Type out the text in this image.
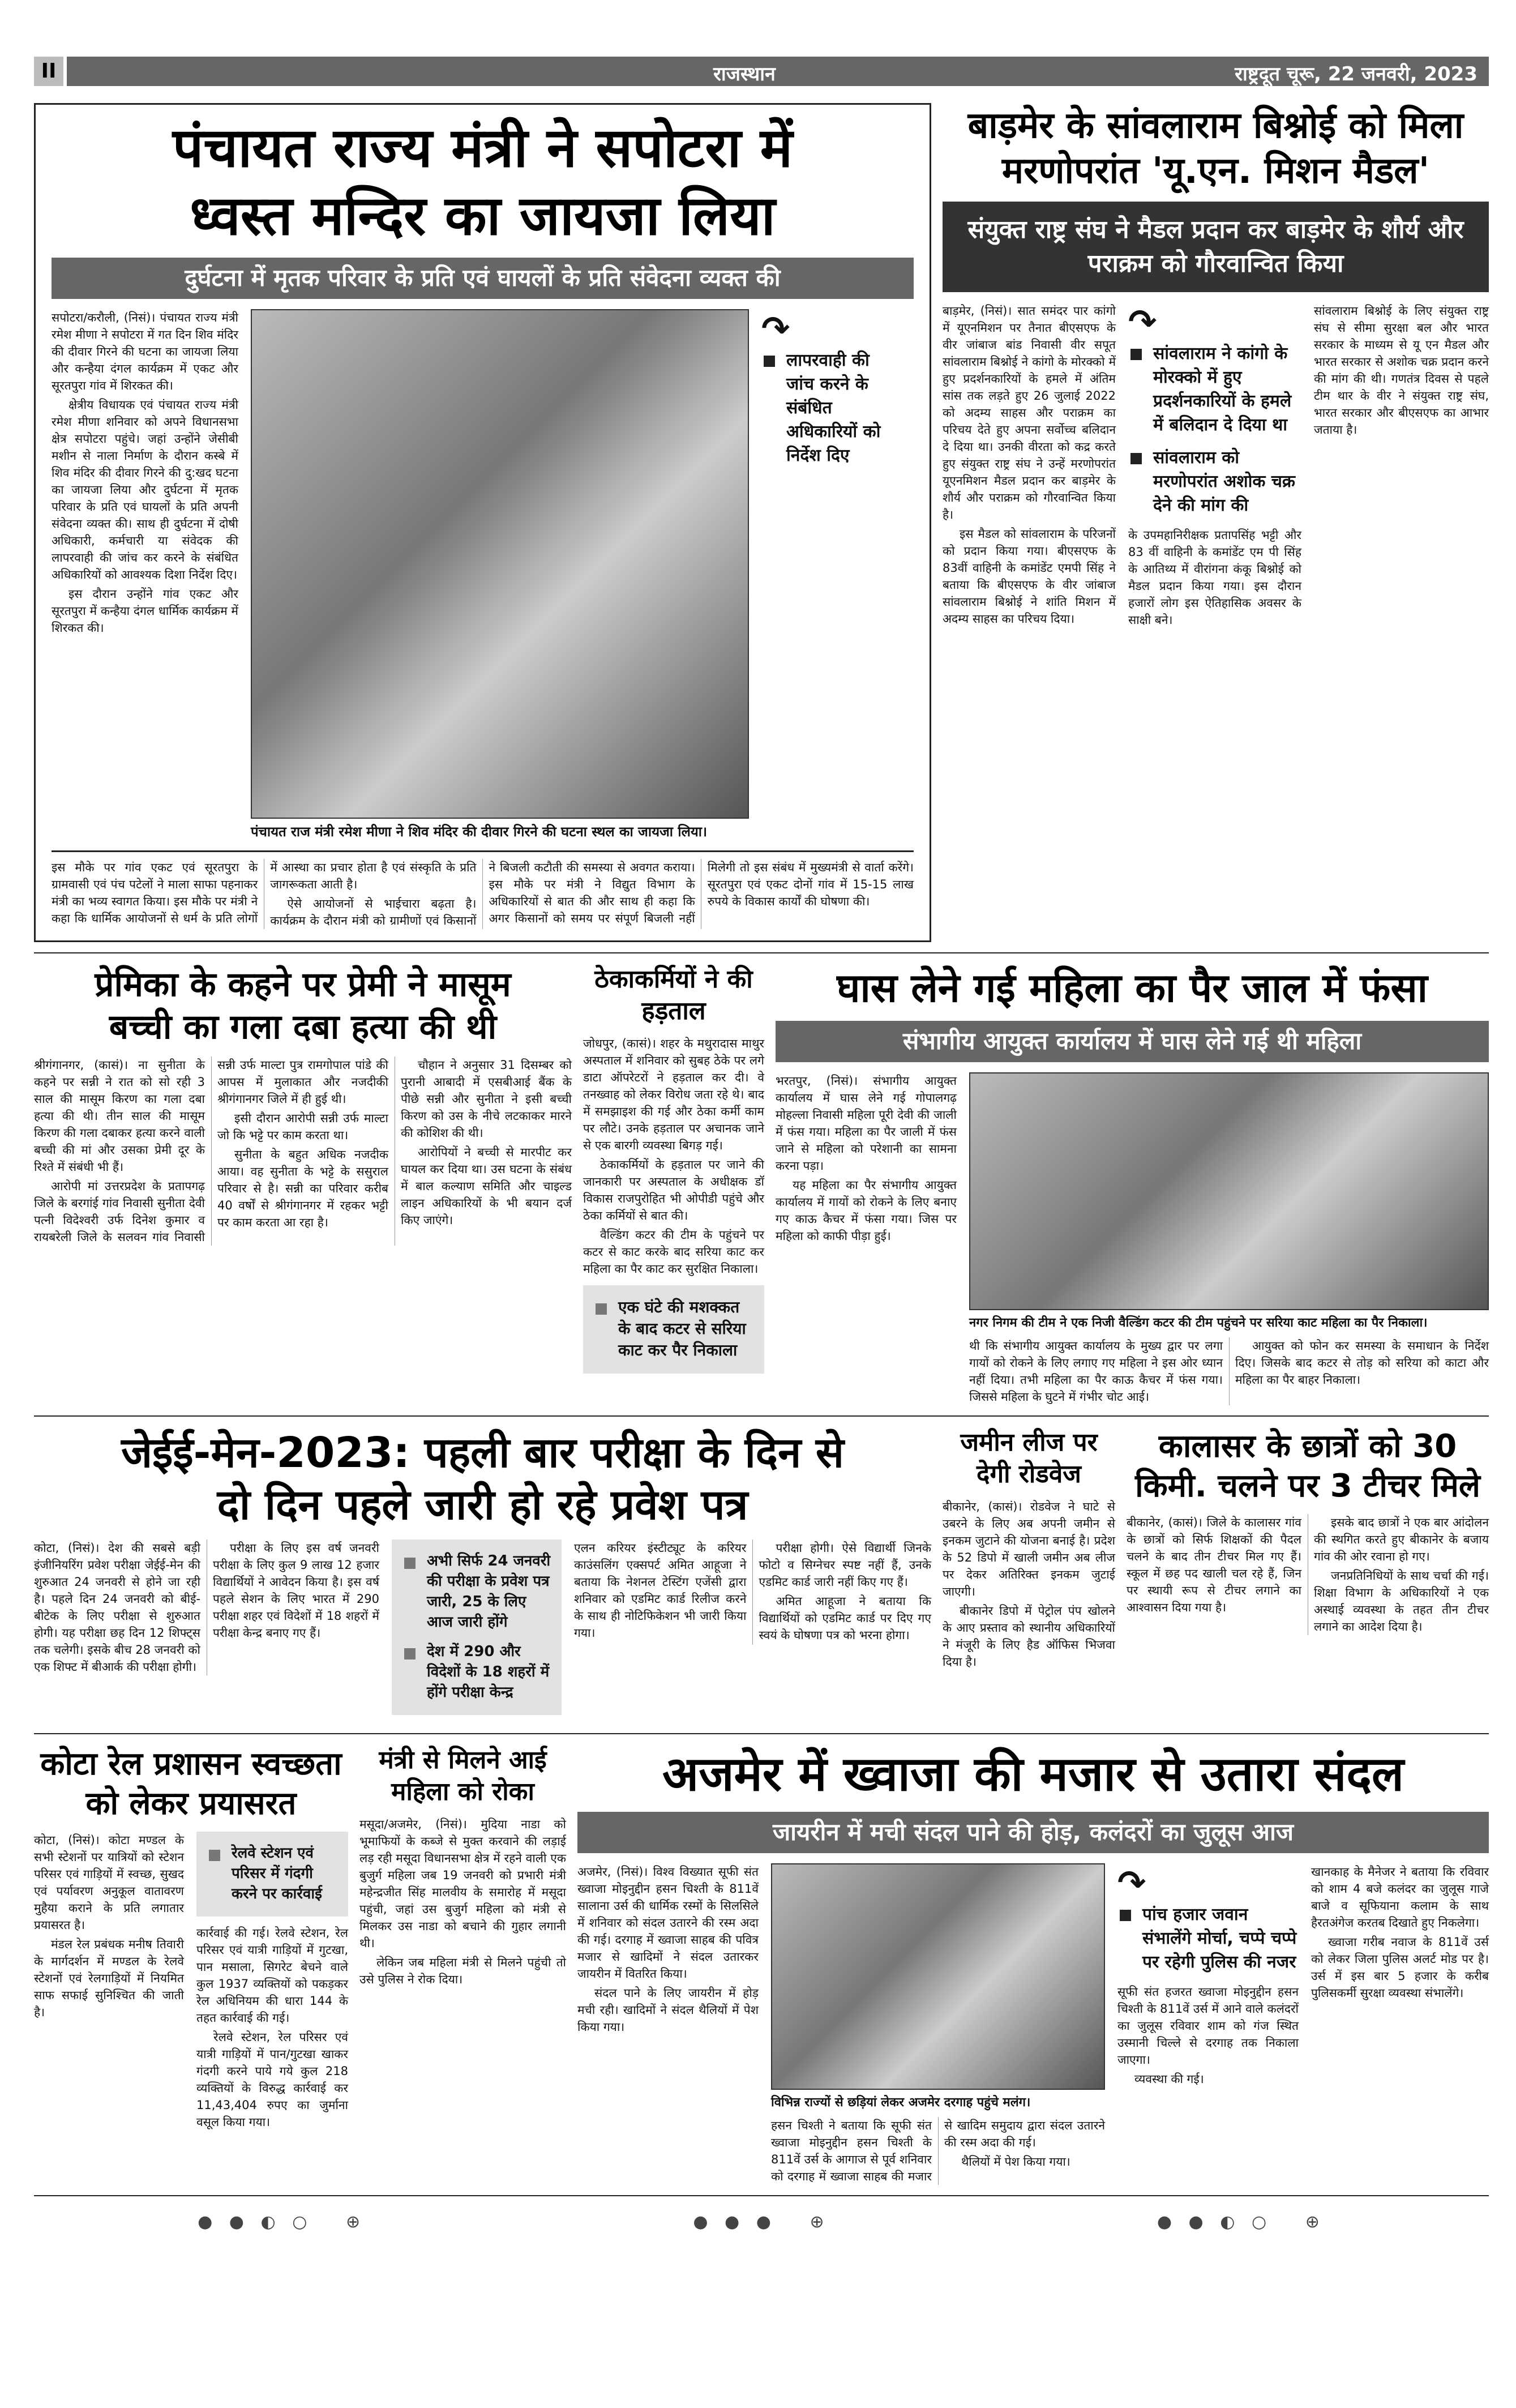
II	राजस्थान	राष्ट्रदूत चूरू, 22 जनवरी, 2023
पंचायत राज्य मंत्री ने सपोटरा में
ध्वस्त मन्दिर का जायजा लिया
दुर्घटना में मृतक परिवार के प्रति एवं घायलों के प्रति संवेदना व्यक्त की

सपोटरा/करौली, (निसं)। पंचायत राज्य मंत्री रमेश मीणा ने सपोटरा में गत दिन शिव मंदिर की दीवार गिरने की घटना का जायजा लिया और कन्हैया दंगल कार्यक्रम में एकट और सूरतपुरा गांव में शिरकत की।

क्षेत्रीय विधायक एवं पंचायत राज्य मंत्री रमेश मीणा शनिवार को अपने विधानसभा क्षेत्र सपोटरा पहुंचे। जहां उन्होंने जेसीबी मशीन से नाला निर्माण के दौरान कस्बे में शिव मंदिर की दीवार गिरने की दु:खद घटना का जायजा लिया और दुर्घटना में मृतक परिवार के प्रति एवं घायलों के प्रति अपनी संवेदना व्यक्त की। साथ ही दुर्घटना में दोषी अधिकारी, कर्मचारी या संवेदक की लापरवाही की जांच कर करने के संबंधित अधिकारियों को आवश्यक दिशा निर्देश दिए।

इस दौरान उन्होंने गांव एकट और सूरतपुरा में कन्हैया दंगल धार्मिक कार्यक्रम में शिरकत की।

पंचायत राज मंत्री रमेश मीणा ने शिव मंदिर की दीवार गिरने की घटना स्थल का जायजा लिया।
↷
लापरवाही की जांच करने के संबंधित अधिकारियों को निर्देश दिए

इस मौके पर गांव एकट एवं सूरतपुरा के ग्रामवासी एवं पंच पटेलों ने माला साफा पहनाकर मंत्री का भव्य स्वागत किया। इस मौके पर मंत्री ने कहा कि धार्मिक आयोजनों से धर्म के प्रति लोगों में आस्था का प्रचार होता है एवं संस्कृति के प्रति जागरूकता आती है।

ऐसे आयोजनों से भाईचारा बढ़ता है। कार्यक्रम के दौरान मंत्री को ग्रामीणों एवं किसानों ने बिजली कटौती की समस्या से अवगत कराया। इस मौके पर मंत्री ने विद्युत विभाग के अधिकारियों से बात की और साथ ही कहा कि अगर किसानों को समय पर संपूर्ण बिजली नहीं मिलेगी तो इस संबंध में मुख्यमंत्री से वार्ता करेंगे। सूरतपुरा एवं एकट दोनों गांव में 15-15 लाख रुपये के विकास कार्यों की घोषणा की।

बाड़मेर के सांवलाराम बिश्नोई को मिला
मरणोपरांत 'यू.एन. मिशन मैडल'
संयुक्त राष्ट्र संघ ने मैडल प्रदान कर बाड़मेर के शौर्य और पराक्रम को गौरवान्वित किया

बाड़मेर, (निसं)। सात समंदर पार कांगो में यूएनमिशन पर तैनात बीएसएफ के वीर जांबाज बांड निवासी वीर सपूत सांवलाराम बिश्नोई ने कांगो के मोरक्को में हुए प्रदर्शनकारियों के हमले में अंतिम सांस तक लड़ते हुए 26 जुलाई 2022 को अदम्य साहस और पराक्रम का परिचय देते हुए अपना सर्वोच्च बलिदान दे दिया था। उनकी वीरता को कद्र करते हुए संयुक्त राष्ट्र संघ ने उन्हें मरणोपरांत यूएनमिशन मैडल प्रदान कर बाड़मेर के शौर्य और पराक्रम को गौरवान्वित किया है।

इस मैडल को सांवलाराम के परिजनों को प्रदान किया गया। बीएसएफ के 83वीं वाहिनी के कमांडेंट एमपी सिंह ने बताया कि बीएसएफ के वीर जांबाज सांवलाराम बिश्नोई ने शांति मिशन में अदम्य साहस का परिचय दिया।

↷
सांवलाराम ने कांगो के मोरक्को में हुए प्रदर्शनकारियों के हमले में बलिदान दे दिया था
सांवलाराम को मरणोपरांत अशोक चक्र देने की मांग की

के उपमहानिरीक्षक प्रतापसिंह भट्टी और 83 वीं वाहिनी के कमांडेंट एम पी सिंह के आतिथ्य में वीरांगना कंकू बिश्नोई को मैडल प्रदान किया गया। इस दौरान हजारों लोग इस ऐतिहासिक अवसर के साक्षी बने।

सांवलाराम बिश्नोई के लिए संयुक्त राष्ट्र संघ से सीमा सुरक्षा बल और भारत सरकार के माध्यम से यू एन मैडल और भारत सरकार से अशोक चक्र प्रदान करने की मांग की थी। गणतंत्र दिवस से पहले टीम थार के वीर ने संयुक्त राष्ट्र संघ, भारत सरकार और बीएसएफ का आभार जताया है।

प्रेमिका के कहने पर प्रेमी ने मासूम
बच्ची का गला दबा हत्या की थी

श्रीगंगानगर, (कासं)। ना सुनीता के कहने पर सन्नी ने रात को सो रही 3 साल की मासूम किरण का गला दबा हत्या की थी। तीन साल की मासूम किरण की गला दबाकर हत्या करने वाली बच्ची की मां और उसका प्रेमी दूर के रिश्ते में संबंधी भी हैं।

आरोपी मां उत्तरप्रदेश के प्रतापगढ़ जिले के बरगांई गांव निवासी सुनीता देवी पत्नी विदेश्वरी उर्फ दिनेश कुमार व रायबरेली जिले के सलवन गांव निवासी सन्नी उर्फ माल्टा पुत्र रामगोपाल पांडे की आपस में मुलाकात और नजदीकी श्रीगंगानगर जिले में ही हुई थी।

इसी दौरान आरोपी सन्नी उर्फ माल्टा जो कि भट्टे पर काम करता था।

सुनीता के बहुत अधिक नजदीक आया। वह सुनीता के भट्टे के ससुराल परिवार से है। सन्नी का परिवार करीब 40 वर्षों से श्रीगंगानगर में रहकर भट्टी पर काम करता आ रहा है।

चौहान ने अनुसार 31 दिसम्बर को पुरानी आबादी में एसबीआई बैंक के पीछे सन्नी और सुनीता ने इसी बच्ची किरण को उस के नीचे लटकाकर मारने की कोशिश की थी।

आरोपियों ने बच्ची से मारपीट कर घायल कर दिया था। उस घटना के संबंध में बाल कल्याण समिति और चाइल्ड लाइन अधिकारियों के भी बयान दर्ज किए जाएंगे।

ठेकाकर्मियों ने की हड़ताल

जोधपुर, (कासं)। शहर के मथुरादास माथुर अस्पताल में शनिवार को सुबह ठेके पर लगे डाटा ऑपरेटरों ने हड़ताल कर दी। वे तनख्वाह को लेकर विरोध जता रहे थे। बाद में समझाइश की गई और ठेका कर्मी काम पर लौटे। उनके हड़ताल पर अचानक जाने से एक बारगी व्यवस्था बिगड़ गई।

ठेकाकर्मियों के हड़ताल पर जाने की जानकारी पर अस्पताल के अधीक्षक डॉ विकास राजपुरोहित भी ओपीडी पहुंचे और ठेका कर्मियों से बात की।

वैल्डिंग कटर की टीम के पहुंचने पर कटर से काट करके बाद सरिया काट कर महिला का पैर काट कर सुरक्षित निकाला।

एक घंटे की मशक्कत के बाद कटर से सरिया काट कर पैर निकाला
घास लेने गई महिला का पैर जाल में फंसा
संभागीय आयुक्त कार्यालय में घास लेने गई थी महिला

भरतपुर, (निसं)। संभागीय आयुक्त कार्यालय में घास लेने गई गोपालगढ़ मोहल्ला निवासी महिला पूरी देवी की जाली में फंस गया। महिला का पैर जाली में फंस जाने से महिला को परेशानी का सामना करना पड़ा।

यह महिला का पैर संभागीय आयुक्त कार्यालय में गायों को रोकने के लिए बनाए गए काऊ कैचर में फंसा गया। जिस पर महिला को काफी पीड़ा हुई।

नगर निगम की टीम ने एक निजी वैल्डिंग कटर की टीम पहुंचने पर सरिया काट महिला का पैर निकाला।

थी कि संभागीय आयुक्त कार्यालय के मुख्य द्वार पर लगा गायों को रोकने के लिए लगाए गए महिला ने इस ओर ध्यान नहीं दिया। तभी महिला का पैर काऊ कैचर में फंस गया। जिससे महिला के घुटने में गंभीर चोट आई।

आयुक्त को फोन कर समस्या के समाधान के निर्देश दिए। जिसके बाद कटर से तोड़ को सरिया को काटा और महिला का पैर बाहर निकाला।

जेईई-मेन-2023: पहली बार परीक्षा के दिन से
दो दिन पहले जारी हो रहे प्रवेश पत्र

कोटा, (निसं)। देश की सबसे बड़ी इंजीनियरिंग प्रवेश परीक्षा जेईई-मेन की शुरुआत 24 जनवरी से होने जा रही है। पहले दिन 24 जनवरी को बीई-बीटेक के लिए परीक्षा से शुरुआत होगी। यह परीक्षा छह दिन 12 शिफ्ट्स तक चलेगी। इसके बीच 28 जनवरी को एक शिफ्ट में बीआर्क की परीक्षा होगी।

परीक्षा के लिए इस वर्ष जनवरी परीक्षा के लिए कुल 9 लाख 12 हजार विद्यार्थियों ने आवेदन किया है। इस वर्ष पहले सेशन के लिए भारत में 290 परीक्षा शहर एवं विदेशों में 18 शहरों में परीक्षा केन्द्र बनाए गए हैं।

अभी सिर्फ 24 जनवरी की परीक्षा के प्रवेश पत्र जारी, 25 के लिए आज जारी होंगे
देश में 290 और विदेशों के 18 शहरों में होंगे परीक्षा केन्द्र

एलन करियर इंस्टीट्यूट के करियर काउंसलिंग एक्सपर्ट अमित आहूजा ने बताया कि नेशनल टेस्टिंग एजेंसी द्वारा शनिवार को एडमिट कार्ड रिलीज करने के साथ ही नोटिफिकेशन भी जारी किया गया।

परीक्षा होगी। ऐसे विद्यार्थी जिनके फोटो व सिग्नेचर स्पष्ट नहीं हैं, उनके एडमिट कार्ड जारी नहीं किए गए हैं।

अमित आहूजा ने बताया कि विद्यार्थियों को एडमिट कार्ड पर दिए गए स्वयं के घोषणा पत्र को भरना होगा।

जमीन लीज पर देगी रोडवेज

बीकानेर, (कासं)। रोडवेज ने घाटे से उबरने के लिए अब अपनी जमीन से इनकम जुटाने की योजना बनाई है। प्रदेश के 52 डिपो में खाली जमीन अब लीज पर देकर अतिरिक्त इनकम जुटाई जाएगी।

बीकानेर डिपो में पेट्रोल पंप खोलने के आए प्रस्ताव को स्थानीय अधिकारियों ने मंजूरी के लिए हैड ऑफिस भिजवा दिया है।

कालासर के छात्रों को 30
किमी. चलने पर 3 टीचर मिले

बीकानेर, (कासं)। जिले के कालासर गांव के छात्रों को सिर्फ शिक्षकों की पैदल चलने के बाद तीन टीचर मिल गए हैं। स्कूल में छह पद खाली चल रहे हैं, जिन पर स्थायी रूप से टीचर लगाने का आश्वासन दिया गया है।

इसके बाद छात्रों ने एक बार आंदोलन की स्थगित करते हुए बीकानेर के बजाय गांव की ओर रवाना हो गए।

जनप्रतिनिधियों के साथ चर्चा की गई। शिक्षा विभाग के अधिकारियों ने एक अस्थाई व्यवस्था के तहत तीन टीचर लगाने का आदेश दिया है।

कोटा रेल प्रशासन स्वच्छता
को लेकर प्रयासरत

कोटा, (निसं)। कोटा मण्डल के सभी स्टेशनों पर यात्रियों को स्टेशन परिसर एवं गाड़ियों में स्वच्छ, सुखद एवं पर्यावरण अनुकूल वातावरण मुहैया कराने के प्रति लगातार प्रयासरत है।

मंडल रेल प्रबंधक मनीष तिवारी के मार्गदर्शन में मण्डल के रेलवे स्टेशनों एवं रेलगाड़ियों में नियमित साफ सफाई सुनिश्चित की जाती है।

रेलवे स्टेशन एवं परिसर में गंदगी करने पर कार्रवाई

कार्रवाई की गई। रेलवे स्टेशन, रेल परिसर एवं यात्री गाड़ियों में गुटखा, पान मसाला, सिगरेट बेचने वाले कुल 1937 व्यक्तियों को पकड़कर रेल अधिनियम की धारा 144 के तहत कार्रवाई की गई।

रेलवे स्टेशन, रेल परिसर एवं यात्री गाड़ियों में पान/गुटखा खाकर गंदगी करने पाये गये कुल 218 व्यक्तियों के विरुद्ध कार्रवाई कर 11,43,404 रुपए का जुर्माना वसूल किया गया।

मंत्री से मिलने आई
महिला को रोका

मसूदा/अजमेर, (निसं)। मुदिया नाडा को भूमाफियों के कब्जे से मुक्त करवाने की लड़ाई लड़ रही मसूदा विधानसभा क्षेत्र में रहने वाली एक बुजुर्ग महिला जब 19 जनवरी को प्रभारी मंत्री महेन्द्रजीत सिंह मालवीय के समारोह में मसूदा पहुंची, जहां उस बुजुर्ग महिला को मंत्री से मिलकर उस नाडा को बचाने की गुहार लगानी थी।

लेकिन जब महिला मंत्री से मिलने पहुंची तो उसे पुलिस ने रोक दिया।

अजमेर में ख्वाजा की मजार से उतारा संदल
जायरीन में मची संदल पाने की होड़, कलंदरों का जुलूस आज

अजमेर, (निसं)। विश्व विख्यात सूफी संत ख्वाजा मोइनुद्दीन हसन चिश्ती के 811वें सालाना उर्स की धार्मिक रस्मों के सिलसिले में शनिवार को संदल उतारने की रस्म अदा की गई। दरगाह में ख्वाजा साहब की पवित्र मजार से खादिमों ने संदल उतारकर जायरीन में वितरित किया।

संदल पाने के लिए जायरीन में होड़ मची रही। खादिमों ने संदल थैलियों में पेश किया गया।

विभिन्न राज्यों से छड़ियां लेकर अजमेर दरगाह पहुंचे मलंग।

हसन चिश्ती ने बताया कि सूफी संत ख्वाजा मोइनुद्दीन हसन चिश्ती के 811वें उर्स के आगाज से पूर्व शनिवार को दरगाह में ख्वाजा साहब की मजार से खादिम समुदाय द्वारा संदल उतारने की रस्म अदा की गई।

थैलियों में पेश किया गया।

↷
पांच हजार जवान संभालेंगे मोर्चा, चप्पे चप्पे पर रहेगी पुलिस की नजर

सूफी संत हजरत ख्वाजा मोइनुद्दीन हसन चिश्ती के 811वें उर्स में आने वाले कलंदरों का जुलूस रविवार शाम को गंज स्थित उस्मानी चिल्ले से दरगाह तक निकाला जाएगा।

व्यवस्था की गई।

खानकाह के मैनेजर ने बताया कि रविवार को शाम 4 बजे कलंदर का जुलूस गाजे बाजे व सूफियाना कलाम के साथ हैरतअंगेज करतब दिखाते हुए निकलेगा।

ख्वाजा गरीब नवाज के 811वें उर्स को लेकर जिला पुलिस अलर्ट मोड पर है। उर्स में इस बार 5 हजार के करीब पुलिसकर्मी सुरक्षा व्यवस्था संभालेंगे।

● ● ◐ ○   ⊕	● ● ●   ⊕	● ● ◐ ○   ⊕
